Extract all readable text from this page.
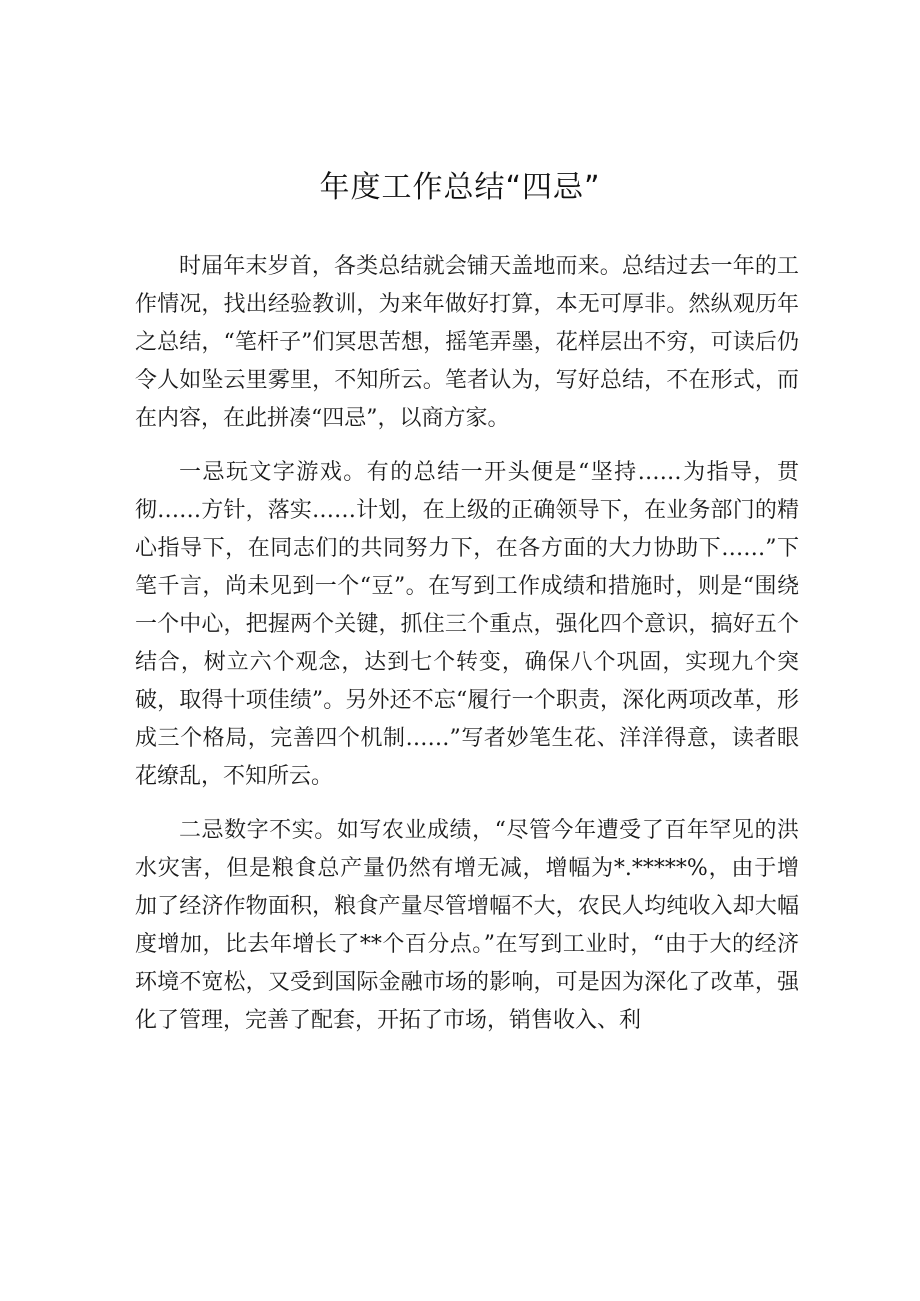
年度工作总结“四忌”

时届年末岁首，各类总结就会铺天盖地而来。总结过去一年的工作情况，找出经验教训，为来年做好打算，本无可厚非。然纵观历年之总结，“笔杆子”们冥思苦想，摇笔弄墨，花样层出不穷，可读后仍令人如坠云里雾里，不知所云。笔者认为，写好总结，不在形式，而在内容，在此拼凑“四忌”，以商方家。

一忌玩文字游戏。有的总结一开头便是“坚持……为指导，贯彻……方针，落实……计划，在上级的正确领导下，在业务部门的精心指导下，在同志们的共同努力下，在各方面的大力协助下……”下笔千言，尚未见到一个“豆”。在写到工作成绩和措施时，则是“围绕一个中心，把握两个关键，抓住三个重点，强化四个意识，搞好五个结合，树立六个观念，达到七个转变，确保八个巩固，实现九个突破，取得十项佳绩”。另外还不忘“履行一个职责，深化两项改革，形成三个格局，完善四个机制……”写者妙笔生花、洋洋得意，读者眼花缭乱，不知所云。

二忌数字不实。如写农业成绩，“尽管今年遭受了百年罕见的洪水灾害，但是粮食总产量仍然有增无减，增幅为*.*****%，由于增加了经济作物面积，粮食产量尽管增幅不大，农民人均纯收入却大幅度增加，比去年增长了**个百分点。”在写到工业时，“由于大的经济环境不宽松，又受到国际金融市场的影响，可是因为深化了改革，强化了管理，完善了配套，开拓了市场，销售收入、利
